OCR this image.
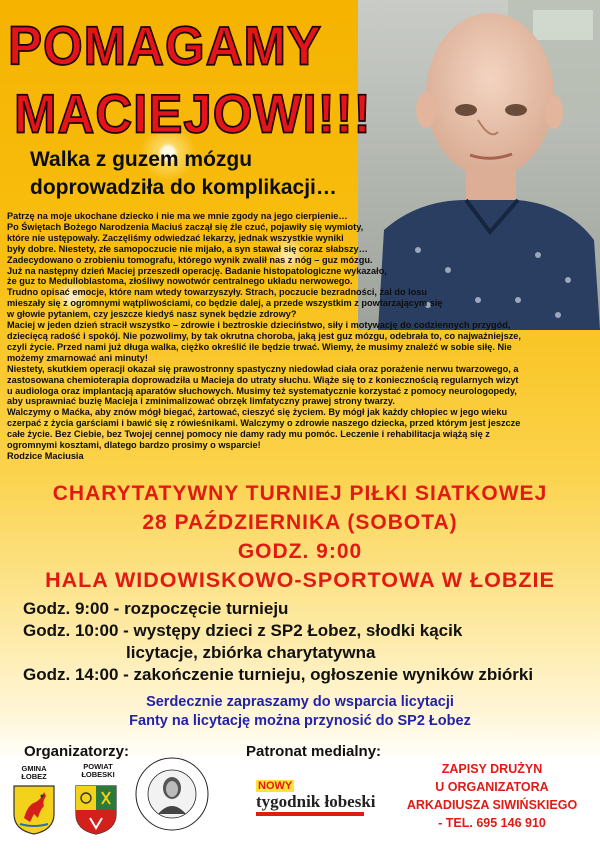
POMAGAMY
MACIEJOWI!!!
Walka z guzem mózgu
doprowadziła do komplikacji…

Patrzę na moje ukochane dziecko i nie ma we mnie zgody na jego cierpienie…

Po Świętach Bożego Narodzenia Maciuś zaczął się źle czuć, pojawiły się wymioty,

które nie ustępowały. Zaczęliśmy odwiedzać lekarzy, jednak wszystkie wyniki

były dobre. Niestety, złe samopoczucie nie mijało, a syn stawał się coraz słabszy…

Zadecydowano o zrobieniu tomografu, którego wynik zwalił nas z nóg – guz mózgu.

Już na następny dzień Maciej przeszedł operację. Badanie histopatologiczne wykazało,

że guz to Medulloblastoma, złośliwy nowotwór centralnego układu nerwowego.

Trudno opisać emocje, które nam wtedy towarzyszyły. Strach, poczucie bezradności, żal do losu

mieszały się z ogromnymi wątpliwościami, co będzie dalej, a przede wszystkim z powtarzającym się

w głowie pytaniem, czy jeszcze kiedyś nasz synek będzie zdrowy?

Maciej w jeden dzień stracił wszystko – zdrowie i beztroskie dzieciństwo, siły i motywację do codziennych przygód,

dziecięcą radość i spokój. Nie pozwolimy, by tak okrutna choroba, jaką jest guz mózgu, odebrała to, co najważniejsze,

czyli życie. Przed nami już długa walka, ciężko określić ile będzie trwać. Wiemy, że musimy znaleźć w sobie siłę. Nie

możemy zmarnować ani minuty!

Niestety, skutkiem operacji okazał się prawostronny spastyczny niedowład ciała oraz porażenie nerwu twarzowego, a

zastosowana chemioterapia doprowadziła u Macieja do utraty słuchu. Wiąże się to z koniecznością regularnych wizyt

u audiologa oraz implantacją aparatów słuchowych. Musimy też systematycznie korzystać z pomocy neurologopedy,

aby usprawniać buzię Macieja i zminimalizować obrzęk limfatyczny prawej strony twarzy.

Walczymy o Maćka, aby znów mógł biegać, żartować, cieszyć się życiem. By mógł jak każdy chłopiec w jego wieku

czerpać z życia garściami i bawić się z rówieśnikami. Walczymy o zdrowie naszego dziecka, przed którym jest jeszcze

całe życie. Bez Ciebie, bez Twojej cennej pomocy nie damy rady mu pomóc. Leczenie i rehabilitacja wiążą się z

ogromnymi kosztami, dlatego bardzo prosimy o wsparcie!

Rodzice Maciusia

CHARYTATYWNY TURNIEJ PIŁKI SIATKOWEJ
28 PAŹDZIERNIKA (SOBOTA)
GODZ. 9:00
HALA WIDOWISKOWO-SPORTOWA W ŁOBZIE
Godz. 9:00 - rozpoczęcie turnieju
Godz. 10:00 - występy dzieci z SP2 Łobez, słodki kącik
licytacje, zbiórka charytatywna
Godz. 14:00 - zakończenie turnieju, ogłoszenie wyników zbiórki
Serdecznie zapraszamy do wsparcia licytacji
Fanty na licytację można przynosić do SP2 Łobez
Organizatorzy:
GMINA ŁOBEZ
POWIAT ŁOBESKI
Patronat medialny:
NOWY
tygodnik łobeski
ZAPISY DRUŻYN
U ORGANIZATORA
ARKADIUSZA SIWIŃSKIEGO
- TEL. 695 146 910
